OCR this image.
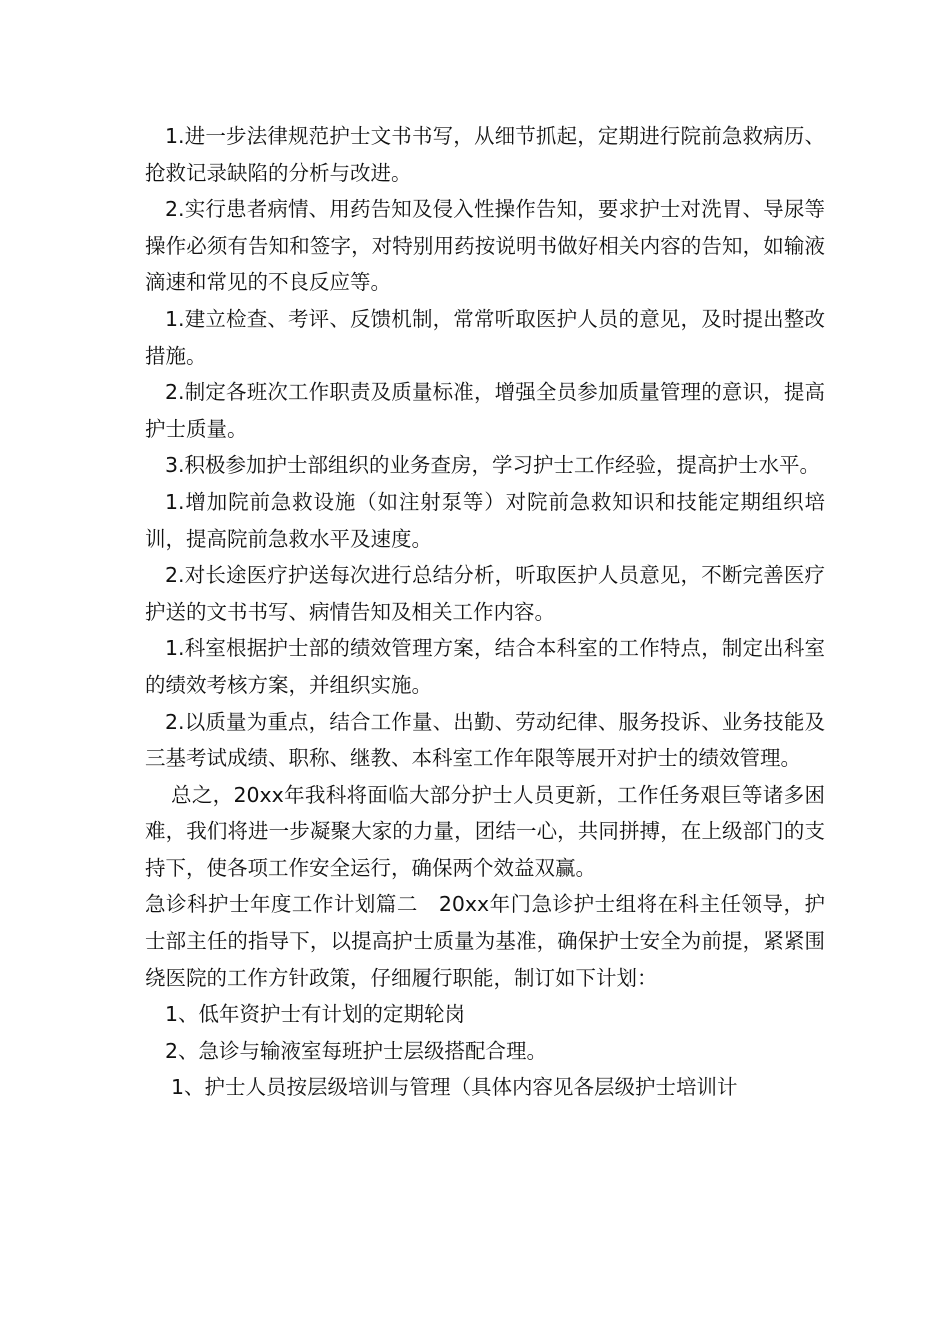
1.进一步法律规范护士文书书写，从细节抓起，定期进行院前急救病历、抢救记录缺陷的分析与改进。

2.实行患者病情、用药告知及侵入性操作告知，要求护士对洗胃、导尿等操作必须有告知和签字，对特别用药按说明书做好相关内容的告知，如输液滴速和常见的不良反应等。

1.建立检查、考评、反馈机制，常常听取医护人员的意见，及时提出整改措施。

2.制定各班次工作职责及质量标准，增强全员参加质量管理的意识，提高护士质量。

3.积极参加护士部组织的业务查房，学习护士工作经验，提高护士水平。

1.增加院前急救设施（如注射泵等）对院前急救知识和技能定期组织培训，提高院前急救水平及速度。

2.对长途医疗护送每次进行总结分析，听取医护人员意见，不断完善医疗护送的文书书写、病情告知及相关工作内容。

1.科室根据护士部的绩效管理方案，结合本科室的工作特点，制定出科室的绩效考核方案，并组织实施。

2.以质量为重点，结合工作量、出勤、劳动纪律、服务投诉、业务技能及三基考试成绩、职称、继教、本科室工作年限等展开对护士的绩效管理。

总之，20xx年我科将面临大部分护士人员更新，工作任务艰巨等诸多困难，我们将进一步凝聚大家的力量，团结一心，共同拼搏，在上级部门的支持下，使各项工作安全运行，确保两个效益双赢。

急诊科护士年度工作计划篇二　20xx年门急诊护士组将在科主任领导，护士部主任的指导下，以提高护士质量为基准，确保护士安全为前提，紧紧围绕医院的工作方针政策，仔细履行职能，制订如下计划：

1、低年资护士有计划的定期轮岗

2、急诊与输液室每班护士层级搭配合理。

1、护士人员按层级培训与管理（具体内容见各层级护士培训计
